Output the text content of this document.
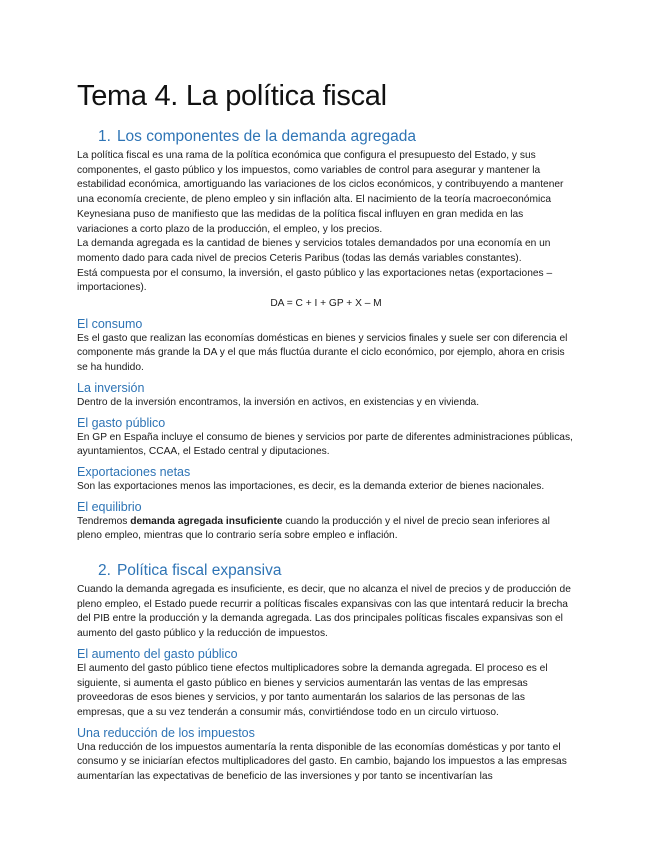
Tema 4. La política fiscal
1. Los componentes de la demanda agregada

La política fiscal es una rama de la política económica que configura el presupuesto del Estado, y sus componentes, el gasto público y los impuestos, como variables de control para asegurar y mantener la estabilidad económica, amortiguando las variaciones de los ciclos económicos, y contribuyendo a mantener una economía creciente, de pleno empleo y sin inflación alta. El nacimiento de la teoría macroeconómica Keynesiana puso de manifiesto que las medidas de la política fiscal influyen en gran medida en las variaciones a corto plazo de la producción, el empleo, y los precios.

La demanda agregada es la cantidad de bienes y servicios totales demandados por una economía en un momento dado para cada nivel de precios Ceteris Paribus (todas las demás variables constantes).

Está compuesta por el consumo, la inversión, el gasto público y las exportaciones netas (exportaciones – importaciones).

DA = C + I + GP + X – M
El consumo

Es el gasto que realizan las economías domésticas en bienes y servicios finales y suele ser con diferencia el componente más grande la DA y el que más fluctúa durante el ciclo económico, por ejemplo, ahora en crisis se ha hundido.

La inversión

Dentro de la inversión encontramos, la inversión en activos, en existencias y en vivienda.

El gasto público

En GP en España incluye el consumo de bienes y servicios por parte de diferentes administraciones públicas, ayuntamientos, CCAA, el Estado central y diputaciones.

Exportaciones netas

Son las exportaciones menos las importaciones, es decir, es la demanda exterior de bienes nacionales.

El equilibrio

Tendremos demanda agregada insuficiente cuando la producción y el nivel de precio sean inferiores al pleno empleo, mientras que lo contrario sería sobre empleo e inflación.

2. Política fiscal expansiva

Cuando la demanda agregada es insuficiente, es decir, que no alcanza el nivel de precios y de producción de pleno empleo, el Estado puede recurrir a políticas fiscales expansivas con las que intentará reducir la brecha del PIB entre la producción y la demanda agregada. Las dos principales políticas fiscales expansivas son el aumento del gasto público y la reducción de impuestos.

El aumento del gasto público

El aumento del gasto público tiene efectos multiplicadores sobre la demanda agregada. El proceso es el siguiente, si aumenta el gasto público en bienes y servicios aumentarán las ventas de las empresas proveedoras de esos bienes y servicios, y por tanto aumentarán los salarios de las personas de las empresas, que a su vez tenderán a consumir más, convirtiéndose todo en un circulo virtuoso.

Una reducción de los impuestos

Una reducción de los impuestos aumentaría la renta disponible de las economías domésticas y por tanto el consumo y se iniciarían efectos multiplicadores del gasto. En cambio, bajando los impuestos a las empresas aumentarían las expectativas de beneficio de las inversiones y por tanto se incentivarían las
